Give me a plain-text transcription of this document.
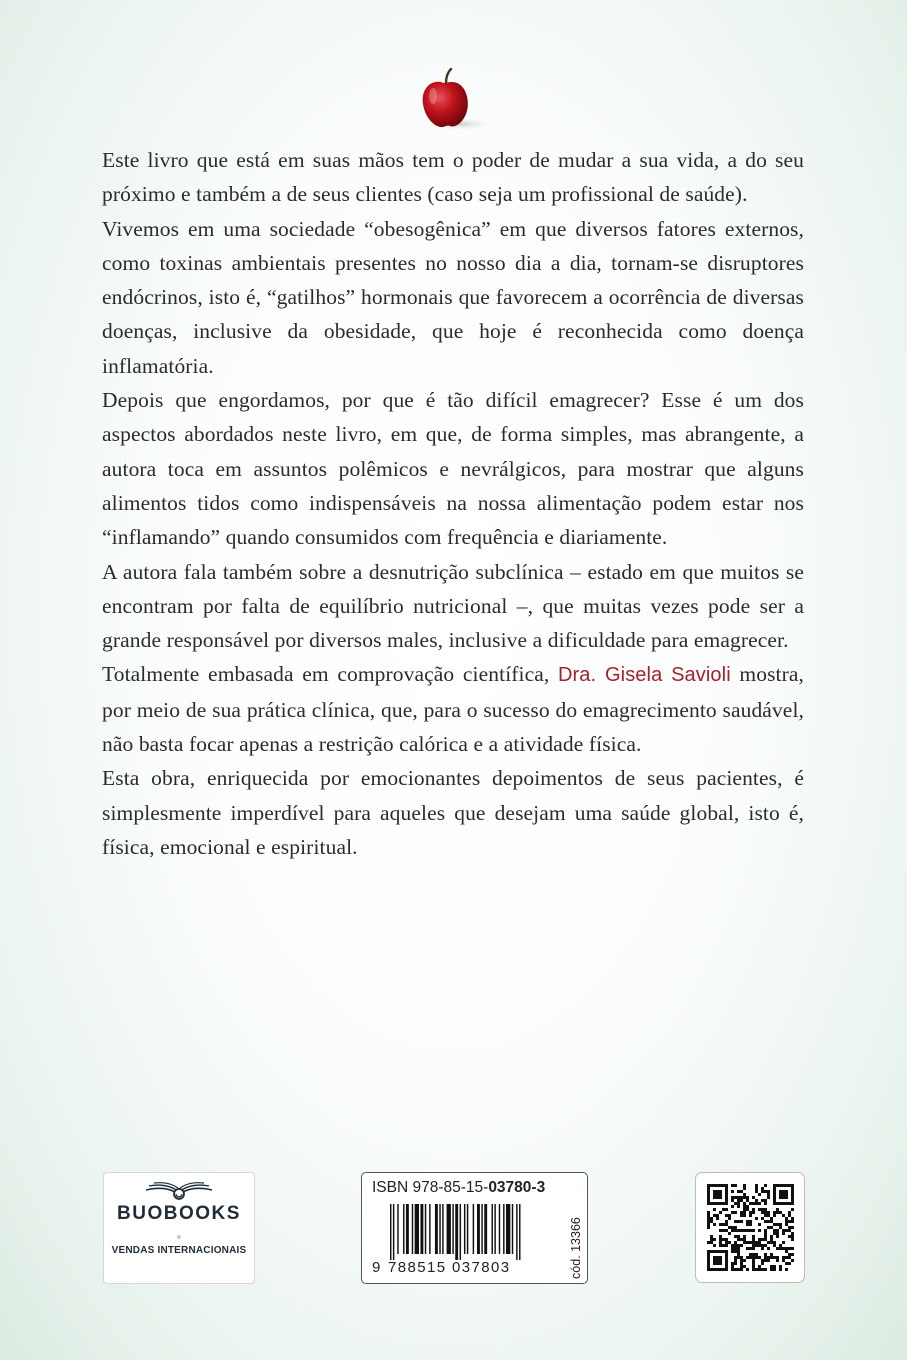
Este livro que está em suas mãos tem o poder de mudar a sua vida, a do seu próximo e também a de seus clientes (caso seja um profissional de saúde).

Vivemos em uma sociedade “obesogênica” em que diversos fatores externos, como toxinas ambientais presentes no nosso dia a dia, tornam-se disruptores endócrinos, isto é, “gatilhos” hormonais que favorecem a ocorrência de diversas doenças, inclusive da obesidade, que hoje é reconhecida como doença inflamatória.

Depois que engordamos, por que é tão difícil emagrecer? Esse é um dos aspectos abordados neste livro, em que, de forma simples, mas abrangente, a autora toca em assuntos polêmicos e nevrálgicos, para mostrar que alguns alimentos tidos como indispensáveis na nossa alimentação podem estar nos “inflamando” quando consumidos com frequência e diariamente.

A autora fala também sobre a desnutrição subclínica – estado em que muitos se encontram por falta de equilíbrio nutricional –, que muitas vezes pode ser a grande responsável por diversos males, inclusive a dificuldade para emagrecer.

Totalmente embasada em comprovação científica, Dra. Gisela Savioli mostra, por meio de sua prática clínica, que, para o sucesso do emagrecimento saudável, não basta focar apenas a restrição calórica e a atividade física.

Esta obra, enriquecida por emocionantes depoimentos de seus pacientes, é simplesmente imperdível para aqueles que desejam uma saúde global, isto é, física, emocional e espiritual.

BUOBOOKS
VENDAS INTERNACIONAIS
ISBN 978-85-15-03780-3
9 788515 037803	cód. 13366
